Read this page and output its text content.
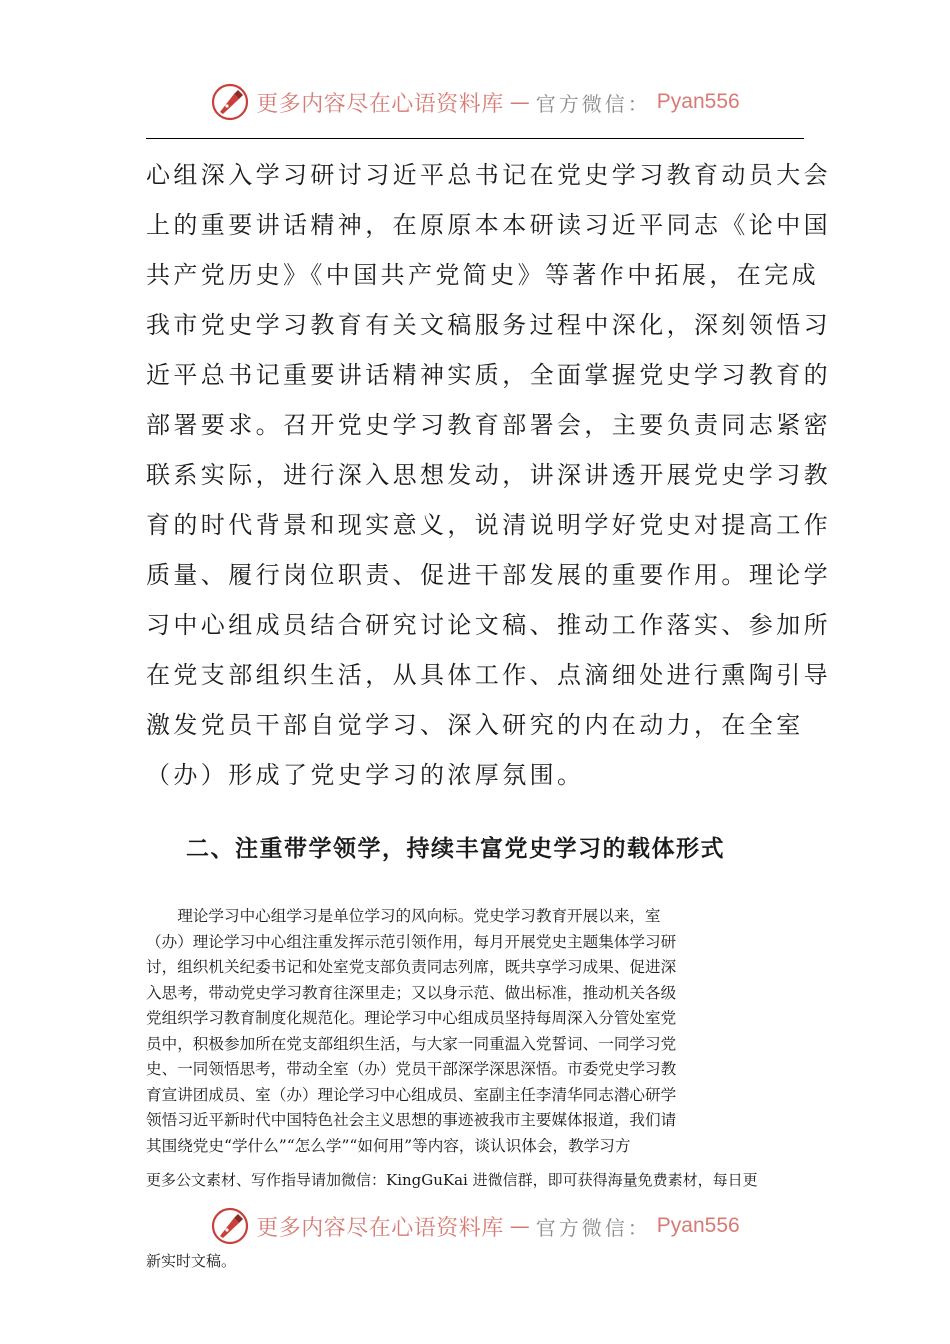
更多内容尽在心语资料库 — 官方微信： Pyan556
心组深入学习研讨习近平总书记在党史学习教育动员大会
上的重要讲话精神，在原原本本研读习近平同志《论中国
共产党历史》《中国共产党简史》等著作中拓展，在完成
我市党史学习教育有关文稿服务过程中深化，深刻领悟习
近平总书记重要讲话精神实质，全面掌握党史学习教育的
部署要求。召开党史学习教育部署会，主要负责同志紧密
联系实际，进行深入思想发动，讲深讲透开展党史学习教
育的时代背景和现实意义，说清说明学好党史对提高工作
质量、履行岗位职责、促进干部发展的重要作用。理论学
习中心组成员结合研究讨论文稿、推动工作落实、参加所
在党支部组织生活，从具体工作、点滴细处进行熏陶引导
激发党员干部自觉学习、深入研究的内在动力，在全室
（办）形成了党史学习的浓厚氛围。
二、注重带学领学，持续丰富党史学习的载体形式
　　理论学习中心组学习是单位学习的风向标。党史学习教育开展以来，室
（办）理论学习中心组注重发挥示范引领作用，每月开展党史主题集体学习研
讨，组织机关纪委书记和处室党支部负责同志列席，既共享学习成果、促进深
入思考，带动党史学习教育往深里走；又以身示范、做出标准，推动机关各级
党组织学习教育制度化规范化。理论学习中心组成员坚持每周深入分管处室党
员中，积极参加所在党支部组织生活，与大家一同重温入党誓词、一同学习党
史、一同领悟思考，带动全室（办）党员干部深学深思深悟。市委党史学习教
育宣讲团成员、室（办）理论学习中心组成员、室副主任李清华同志潜心研学
领悟习近平新时代中国特色社会主义思想的事迹被我市主要媒体报道，我们请
其围绕党史“学什么”“怎么学”“如何用”等内容，谈认识体会，教学习方

更多公文素材、写作指导请加微信：KingGuKai 进微信群，即可获得海量免费素材，每日更

更多内容尽在心语资料库 — 官方微信： Pyan556

新实时文稿。
